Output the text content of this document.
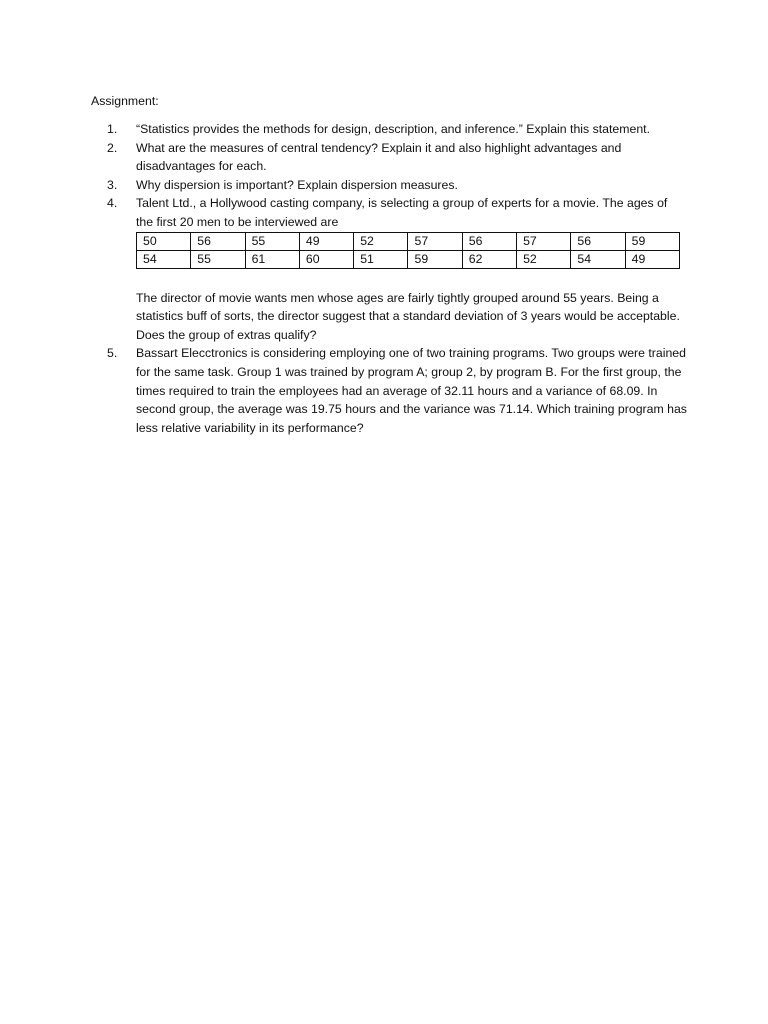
Assignment:
1. “Statistics provides the methods for design, description, and inference.” Explain this statement.
2. What are the measures of central tendency? Explain it and also highlight advantages and disadvantages for each.
3. Why dispersion is important? Explain dispersion measures.
4. Talent Ltd., a Hollywood casting company, is selecting a group of experts for a movie. The ages of the first 20 men to be interviewed are
50	56	55	49	52	57	56	57	56	59
54	55	61	60	51	59	62	52	54	49
The director of movie wants men whose ages are fairly tightly grouped around 55 years. Being a statistics buff of sorts, the director suggest that a standard deviation of 3 years would be acceptable. Does the group of extras qualify?
5. Bassart Elecctronics is considering employing one of two training programs. Two groups were trained for the same task. Group 1 was trained by program A; group 2, by program B. For the first group, the times required to train the employees had an average of 32.11 hours and a variance of 68.09. In second group, the average was 19.75 hours and the variance was 71.14. Which training program has less relative variability in its performance?
